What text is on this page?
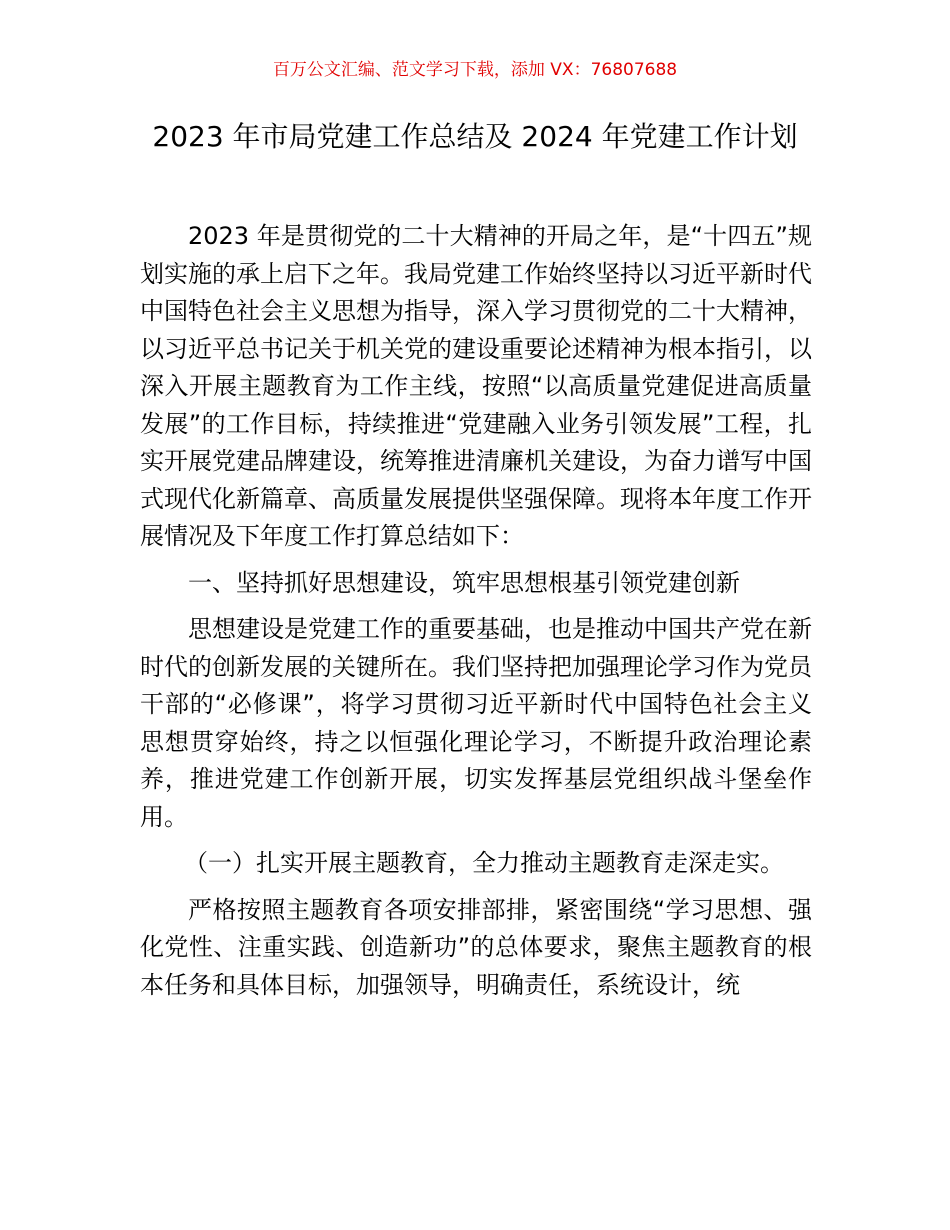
百万公文汇编、范文学习下载，添加 VX：76807688
2023 年市局党建工作总结及 2024 年党建工作计划

2023 年是贯彻党的二十大精神的开局之年，是“十四五”规划实施的承上启下之年。我局党建工作始终坚持以习近平新时代中国特色社会主义思想为指导，深入学习贯彻党的二十大精神，以习近平总书记关于机关党的建设重要论述精神为根本指引，以深入开展主题教育为工作主线，按照“以高质量党建促进高质量发展”的工作目标，持续推进“党建融入业务引领发展”工程，扎实开展党建品牌建设，统筹推进清廉机关建设，为奋力谱写中国式现代化新篇章、高质量发展提供坚强保障。现将本年度工作开展情况及下年度工作打算总结如下：

一、坚持抓好思想建设，筑牢思想根基引领党建创新

思想建设是党建工作的重要基础，也是推动中国共产党在新时代的创新发展的关键所在。我们坚持把加强理论学习作为党员干部的“必修课”，将学习贯彻习近平新时代中国特色社会主义思想贯穿始终，持之以恒强化理论学习，不断提升政治理论素养，推进党建工作创新开展，切实发挥基层党组织战斗堡垒作用。

（一）扎实开展主题教育，全力推动主题教育走深走实。

严格按照主题教育各项安排部排，紧密围绕“学习思想、强化党性、注重实践、创造新功”的总体要求，聚焦主题教育的根本任务和具体目标，加强领导，明确责任，系统设计，统
